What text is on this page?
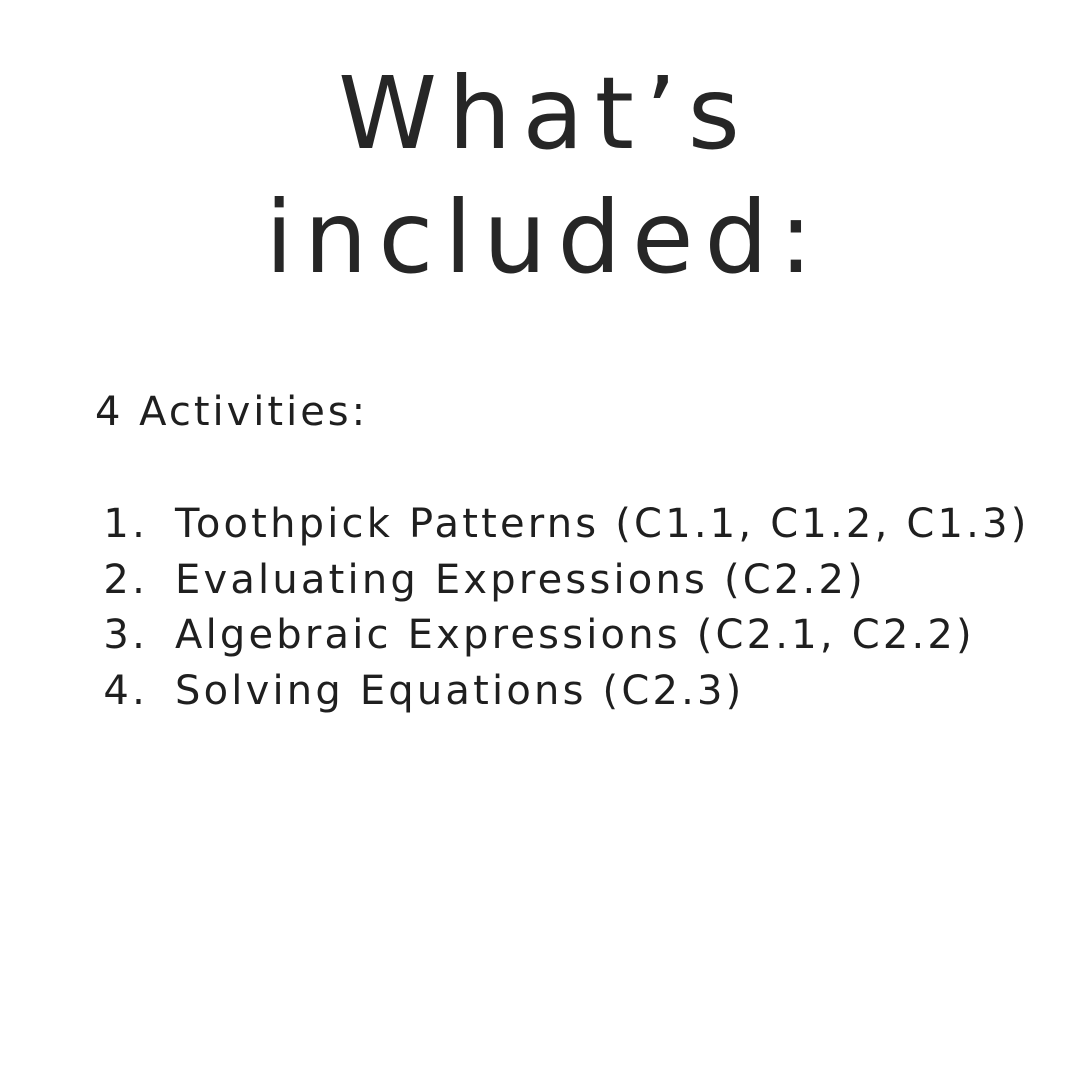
What’s
included:
4 Activities:
1. Toothpick Patterns (C1.1, C1.2, C1.3)
2. Evaluating Expressions (C2.2)
3. Algebraic Expressions (C2.1, C2.2)
4. Solving Equations (C2.3)
